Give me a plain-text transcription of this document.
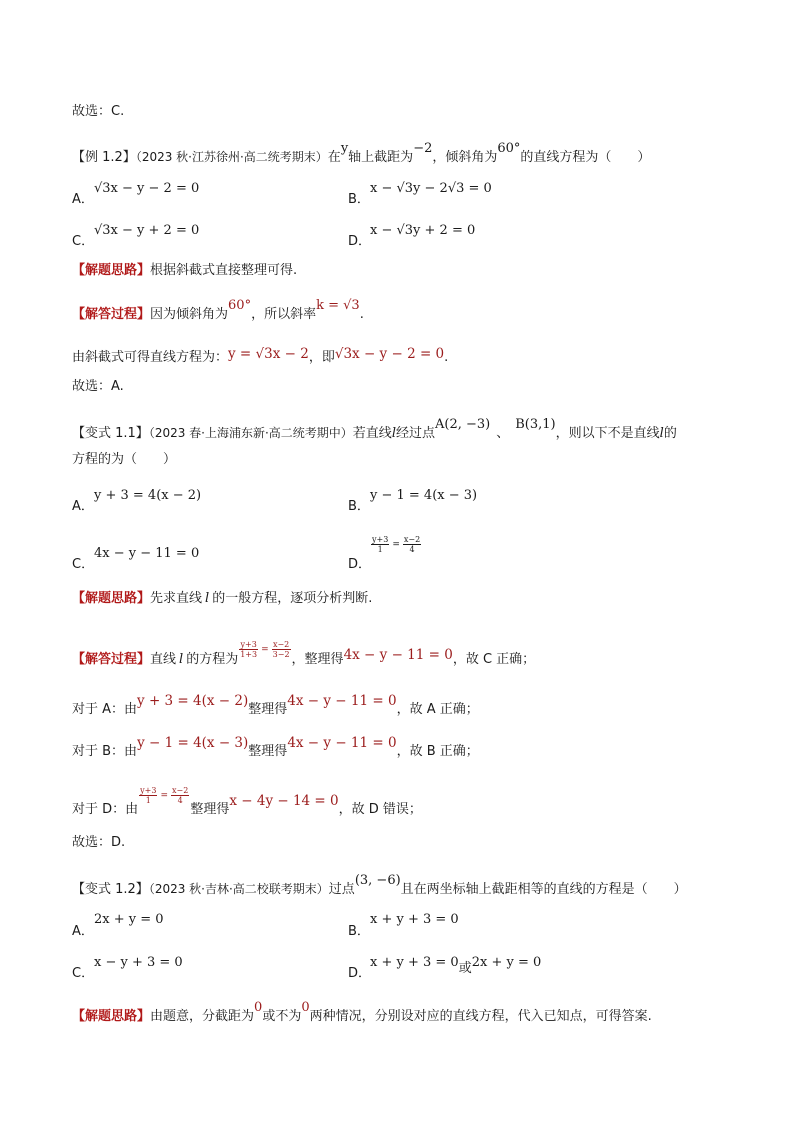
故选：C.
【例 1.2】（2023 秋·江苏徐州·高二统考期末）在y轴上截距为−2，倾斜角为60°的直线方程为（　　）
A．
√3x − y − 2 = 0
B．
x − √3y − 2√3 = 0
C．
√3x − y + 2 = 0
D．
x − √3y + 2 = 0
【解题思路】根据斜截式直接整理可得.
【解答过程】因为倾斜角为60°，所以斜率k = √3.
由斜截式可得直线方程为：y = √3x − 2，即√3x − y − 2 = 0.
故选：A.
【变式 1.1】（2023 春·上海浦东新·高二统考期中）若直线l经过点A(2, −3)、B(3,1)，则以下不是直线l的
方程的为（　　）
A．
y + 3 = 4(x − 2)
B．
y − 1 = 4(x − 3)
C．
4x − y − 11 = 0
D．
$\frac{y+3}{1} = \frac{x-2}{4}$
【解题思路】先求直线 l 的一般方程，逐项分析判断.
【解答过程】直线 l 的方程为
$\frac{y+3}{1+3} = \frac{x-2}{3-2}$
，整理得4x − y − 11 = 0，故 C 正确；
对于 A：由y + 3 = 4(x − 2)整理得4x − y − 11 = 0，故 A 正确；
对于 B：由y − 1 = 4(x − 3)整理得4x − y − 11 = 0，故 B 正确；
对于 D：由
$\frac{y+3}{1} = \frac{x-2}{4}$
整理得x − 4y − 14 = 0，故 D 错误；
故选：D.
【变式 1.2】（2023 秋·吉林·高二校联考期末）过点(3, −6)且在两坐标轴上截距相等的直线的方程是（　　）
A．
2x + y = 0
B．
x + y + 3 = 0
C．
x − y + 3 = 0
D．
x + y + 3 = 0或2x + y = 0
【解题思路】由题意，分截距为0或不为0两种情况，分别设对应的直线方程，代入已知点，可得答案.
